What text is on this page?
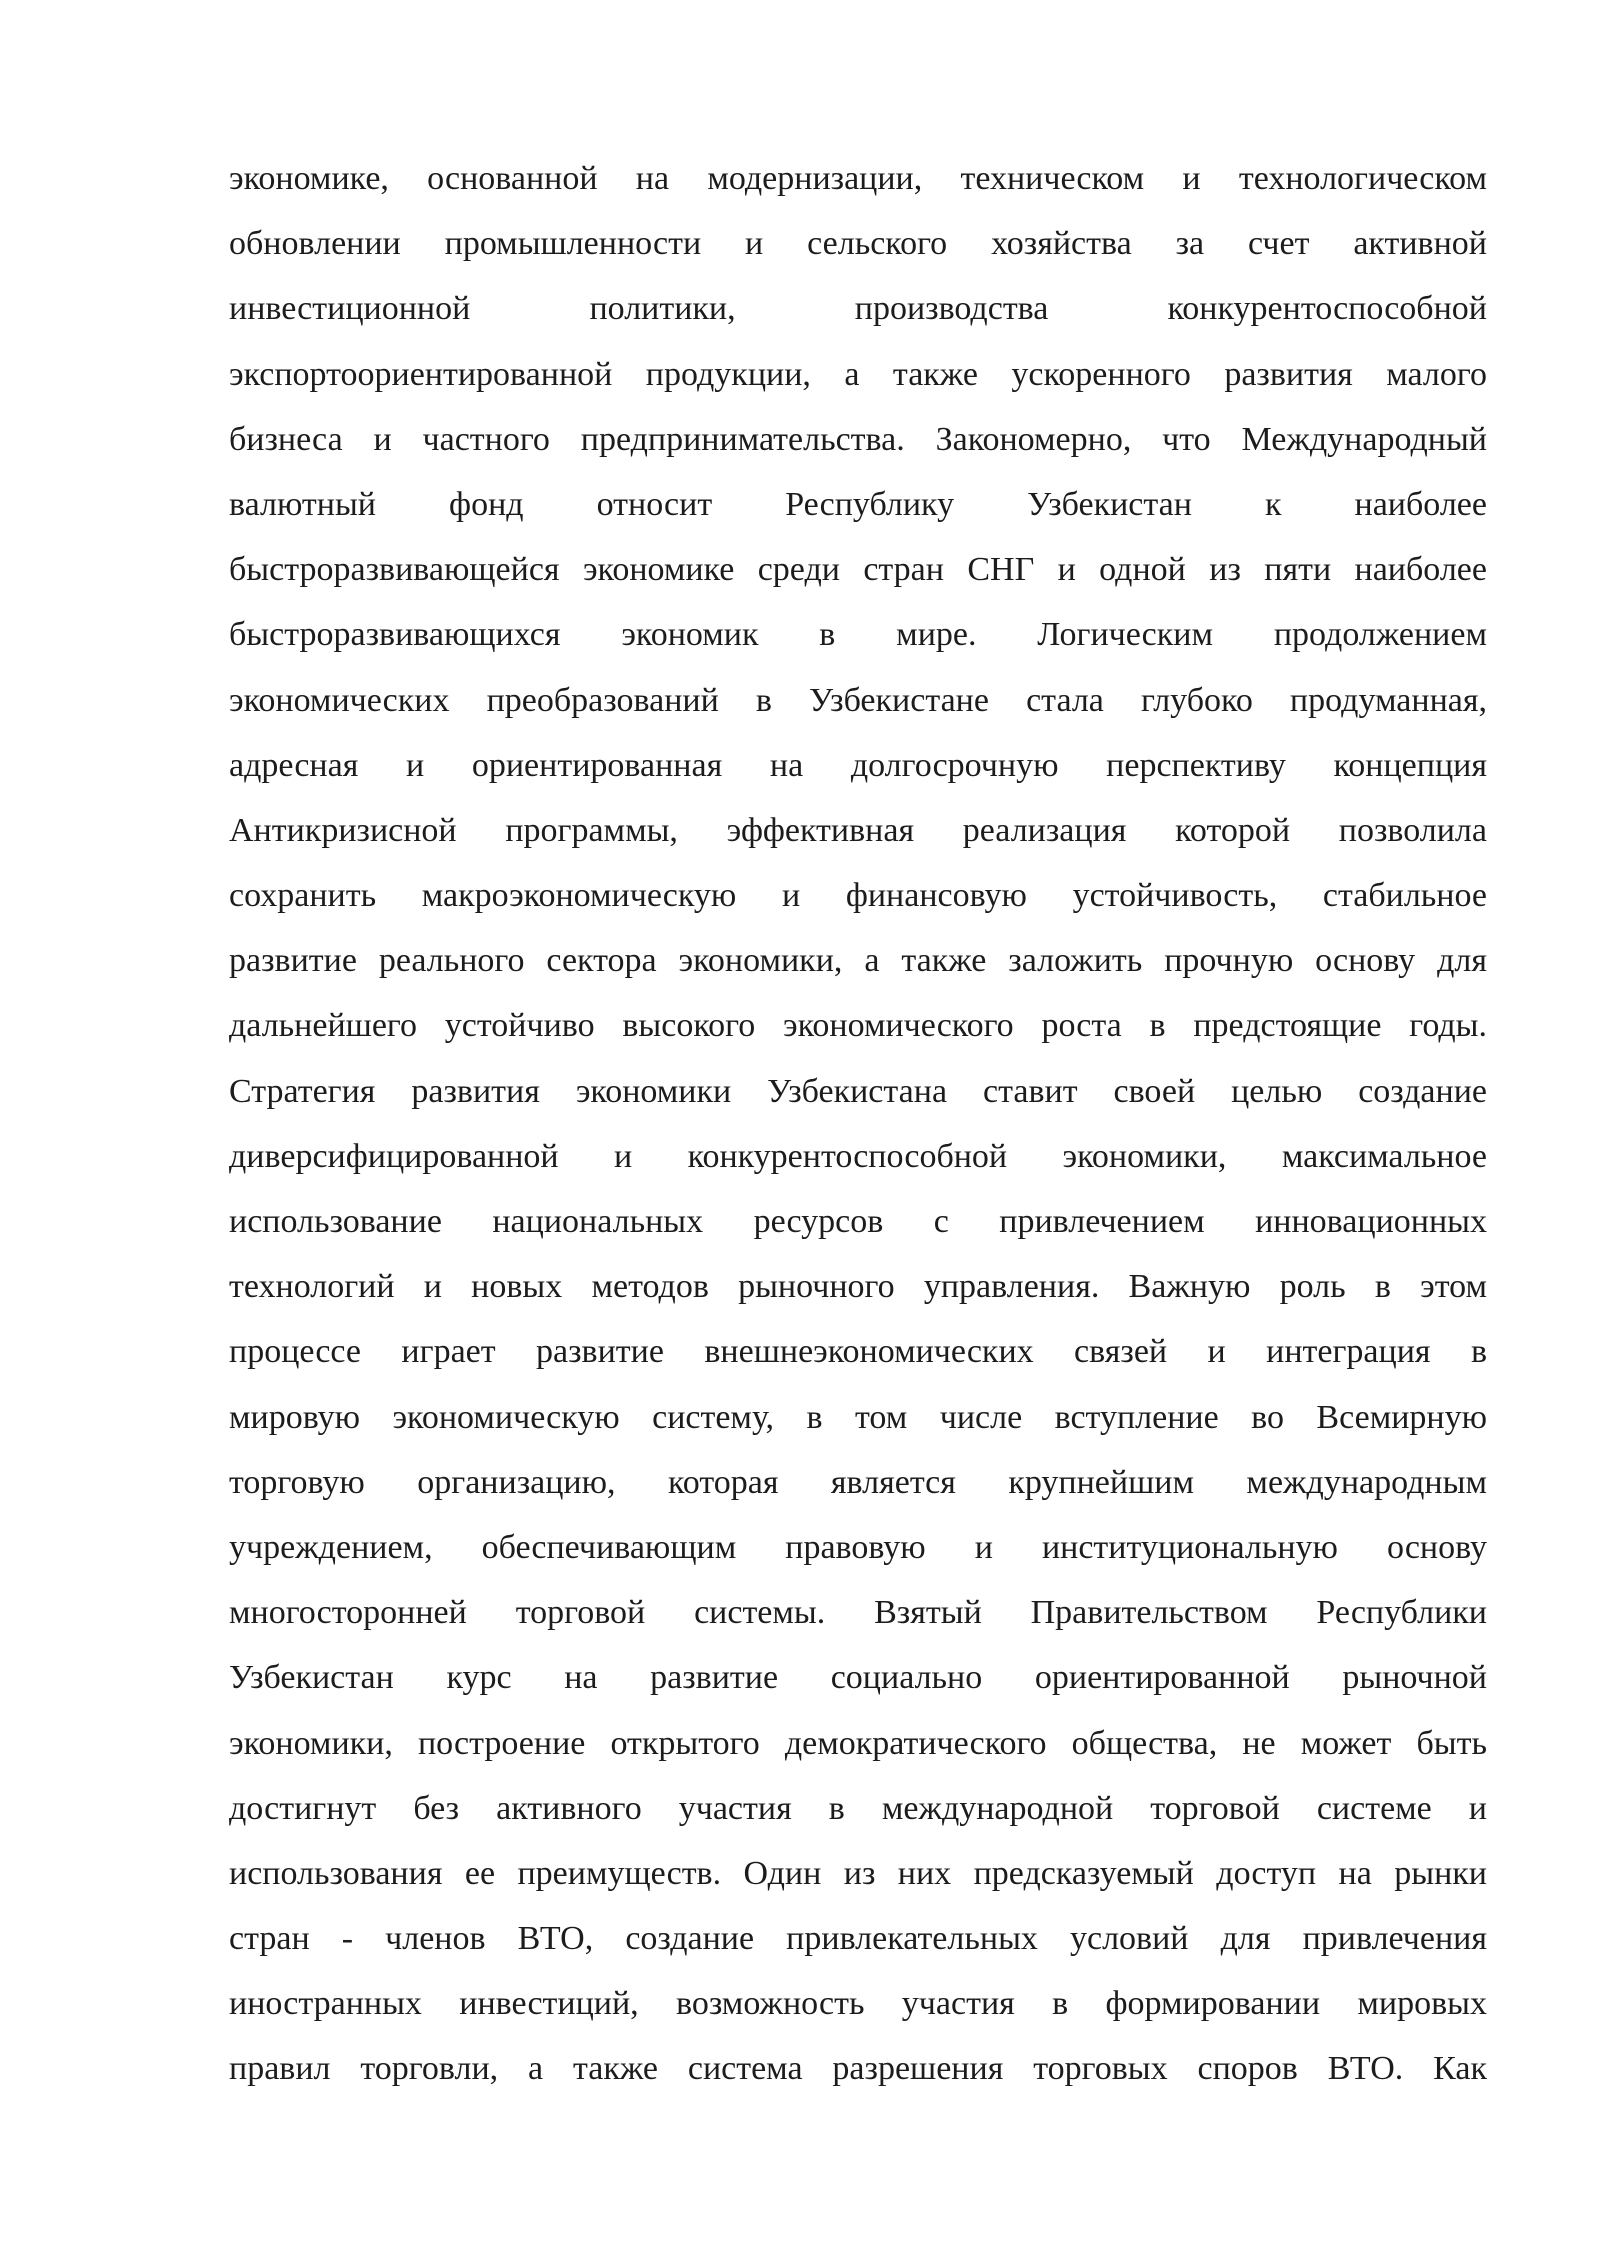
экономике, основанной на модернизации, техническом и технологическом
обновлении промышленности и сельского хозяйства за счет активной
инвестиционной политики, производства конкурентоспособной
экспортоориентированной продукции, а также ускоренного развития малого
бизнеса и частного предпринимательства. Закономерно, что Международный
валютный фонд относит Республику Узбекистан к наиболее
быстроразвивающейся экономике среди стран СНГ и одной из пяти наиболее
быстроразвивающихся экономик в мире. Логическим продолжением
экономических преобразований в Узбекистане стала глубоко продуманная,
адресная и ориентированная на долгосрочную перспективу концепция
Антикризисной программы, эффективная реализация которой позволила
сохранить макроэкономическую и финансовую устойчивость, стабильное
развитие реального сектора экономики, а также заложить прочную основу для
дальнейшего устойчиво высокого экономического роста в предстоящие годы.
Стратегия развития экономики Узбекистана ставит своей целью создание
диверсифицированной и конкурентоспособной экономики, максимальное
использование национальных ресурсов с привлечением инновационных
технологий и новых методов рыночного управления. Важную роль в этом
процессе играет развитие внешнеэкономических связей и интеграция в
мировую экономическую систему, в том числе вступление во Всемирную
торговую организацию, которая является крупнейшим международным
учреждением, обеспечивающим правовую и институциональную основу
многосторонней торговой системы. Взятый Правительством Республики
Узбекистан курс на развитие социально ориентированной рыночной
экономики, построение открытого демократического общества, не может быть
достигнут без активного участия в международной торговой системе и
использования ее преимуществ. Один из них предсказуемый доступ на рынки
стран - членов ВТО, создание привлекательных условий для привлечения
иностранных инвестиций, возможность участия в формировании мировых
правил торговли, а также система разрешения торговых споров ВТО. Как
